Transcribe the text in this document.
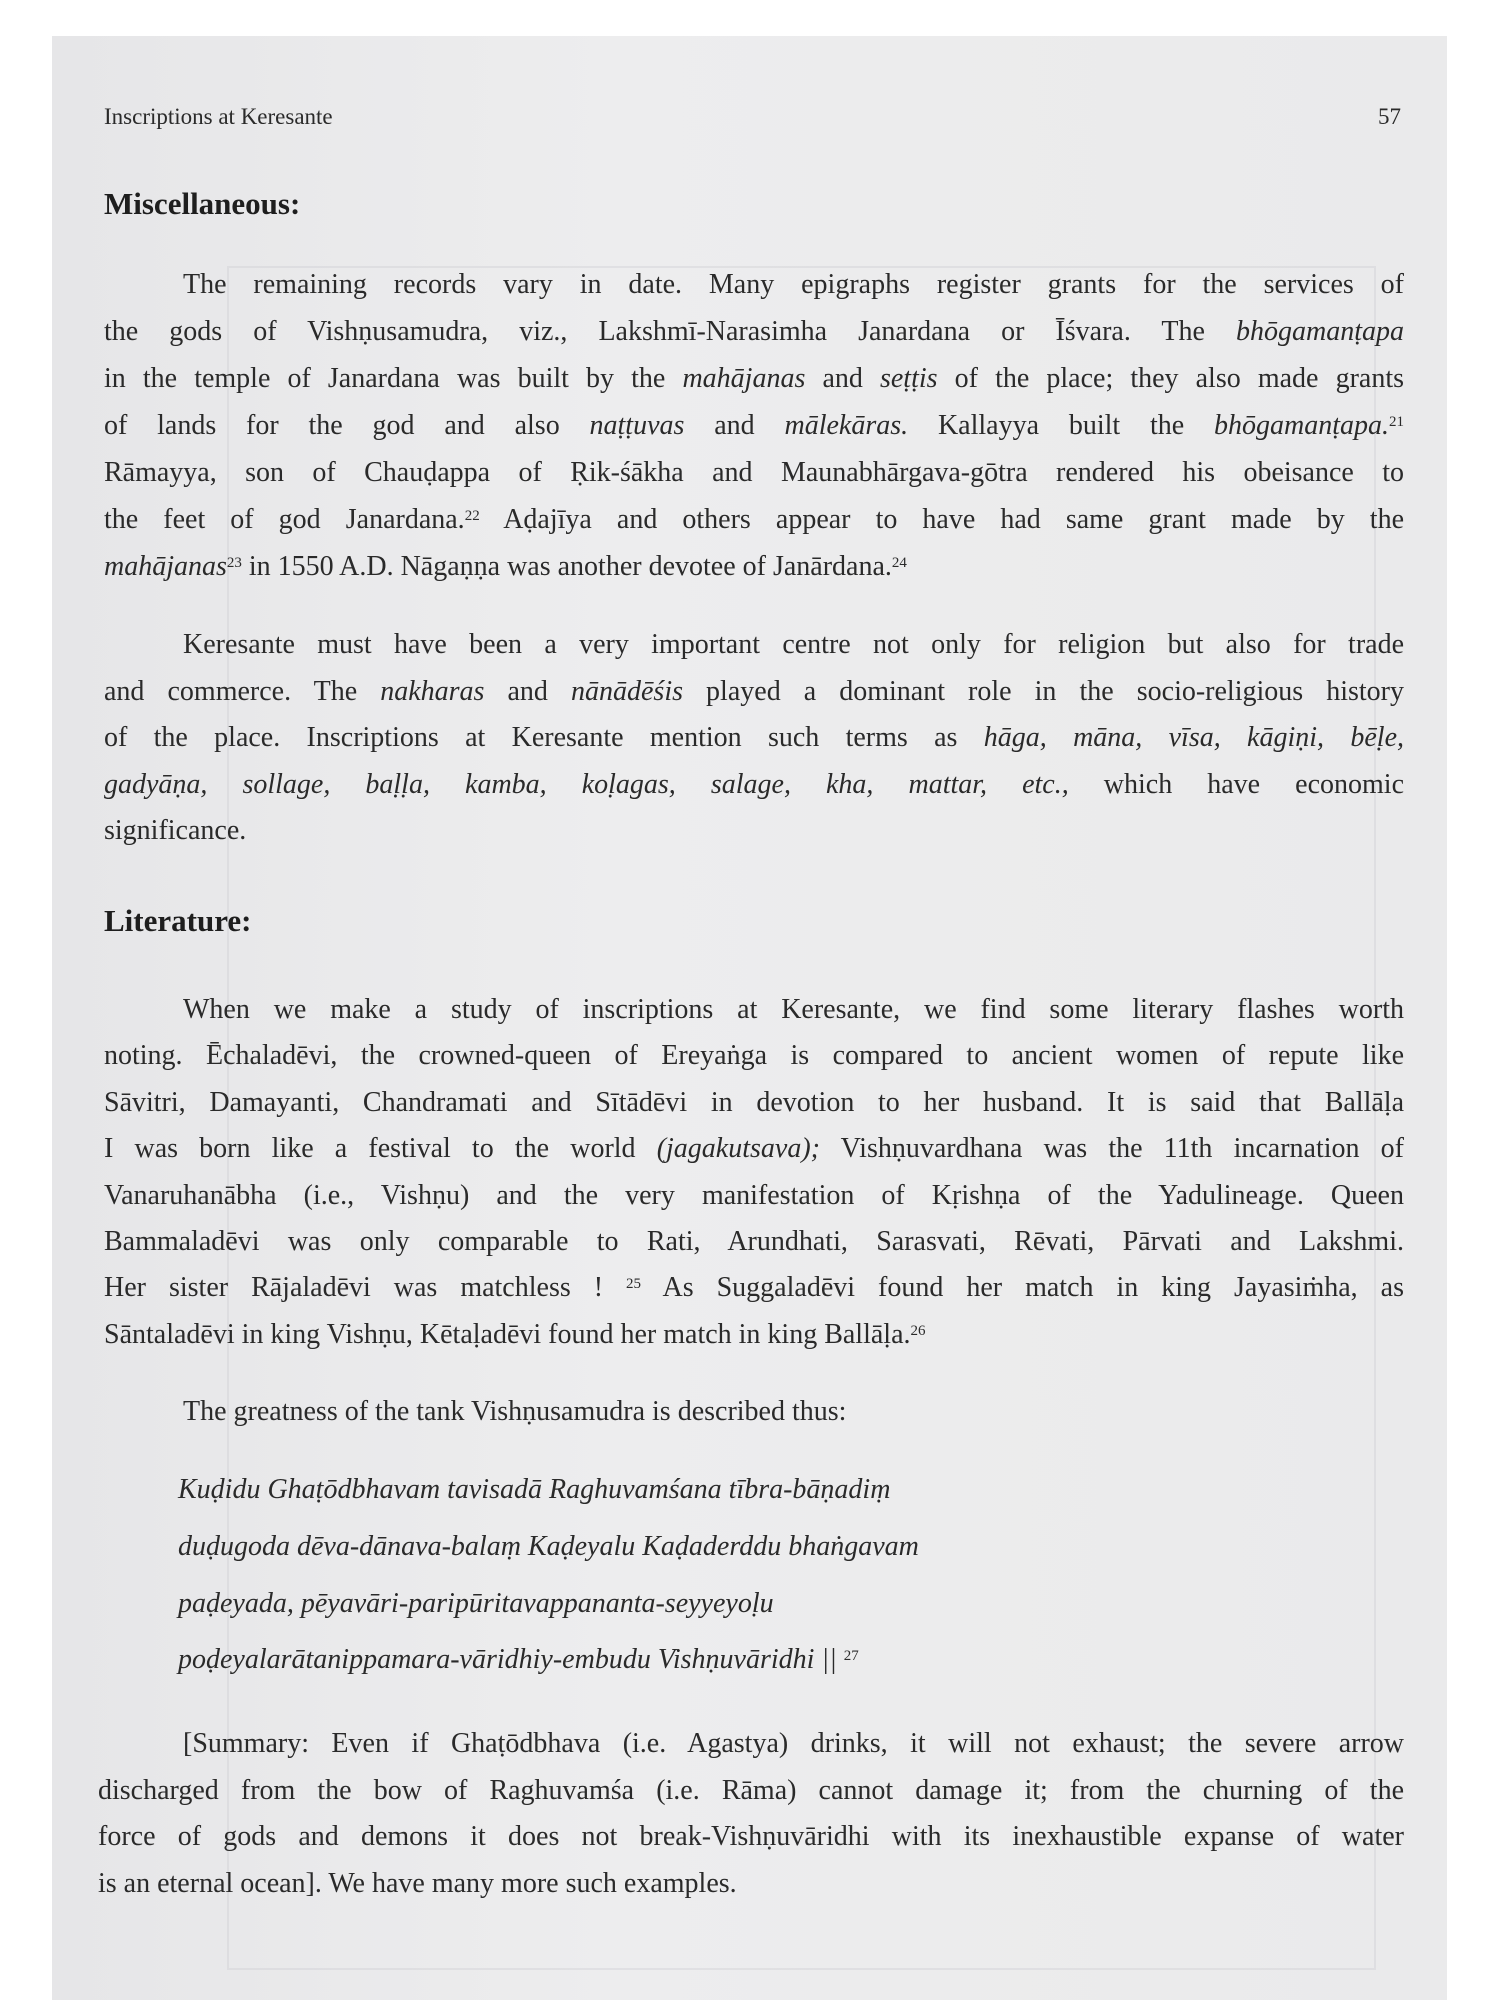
Inscriptions at Keresante	57
Miscellaneous:
Literature:
The remaining records vary in date. Many epigraphs register grants for the services of
the gods of Vishṇusamudra, viz., Lakshmī-Narasimha Janardana or Īśvara. The bhōgamanṭapa
in the temple of Janardana was built by the mahājanas and seṭṭis of the place; they also made grants
of lands for the god and also naṭṭuvas and mālekāras. Kallayya built the bhōgamanṭapa.$^{21}$
Rāmayya, son of Chauḍappa of Ṛik-śākha and Maunabhārgava-gōtra rendered his obeisance to
the feet of god Janardana.$^{22}$ Aḍajīya and others appear to have had same grant made by the
mahājanas$^{23}$ in 1550 A.D. Nāgaṇṇa was another devotee of Janārdana.$^{24}$
Keresante must have been a very important centre not only for religion but also for trade
and commerce. The nakharas and nānādēśis played a dominant role in the socio-religious history
of the place. Inscriptions at Keresante mention such terms as hāga, māna, vīsa, kāgiṇi, bēḷe,
gadyāṇa, sollage, baḷḷa, kamba, koḷagas, salage, kha, mattar, etc., which have economic
significance.
When we make a study of inscriptions at Keresante, we find some literary flashes worth
noting. Ēchaladēvi, the crowned-queen of Ereyaṅga is compared to ancient women of repute like
Sāvitri, Damayanti, Chandramati and Sītādēvi in devotion to her husband. It is said that Ballāḷa
I was born like a festival to the world (jagakutsava); Vishṇuvardhana was the 11th incarnation of
Vanaruhanābha (i.e., Vishṇu) and the very manifestation of Kṛishṇa of the Yadulineage. Queen
Bammaladēvi was only comparable to Rati, Arundhati, Sarasvati, Rēvati, Pārvati and Lakshmi.
Her sister Rājaladēvi was matchless ! $^{25}$ As Suggaladēvi found her match in king Jayasiṁha, as
Sāntaladēvi in king Vishṇu, Kētaḷadēvi found her match in king Ballāḷa.$^{26}$
The greatness of the tank Vishṇusamudra is described thus:
Kuḍidu Ghaṭōdbhavam tavisadā Raghuvamśana tībra-bāṇadiṃ
duḍugoda dēva-dānava-balaṃ Kaḍeyalu Kaḍaderddu bhaṅgavam
paḍeyada, pēyavāri-paripūritavappananta-seyyeyoḷu
poḍeyalarātanippamara-vāridhiy-embudu Vishṇuvāridhi || $^{27}$
[Summary: Even if Ghaṭōdbhava (i.e. Agastya) drinks, it will not exhaust; the severe arrow
discharged from the bow of Raghuvamśa (i.e. Rāma) cannot damage it; from the churning of the
force of gods and demons it does not break-Vishṇuvāridhi with its inexhaustible expanse of water
is an eternal ocean]. We have many more such examples.
